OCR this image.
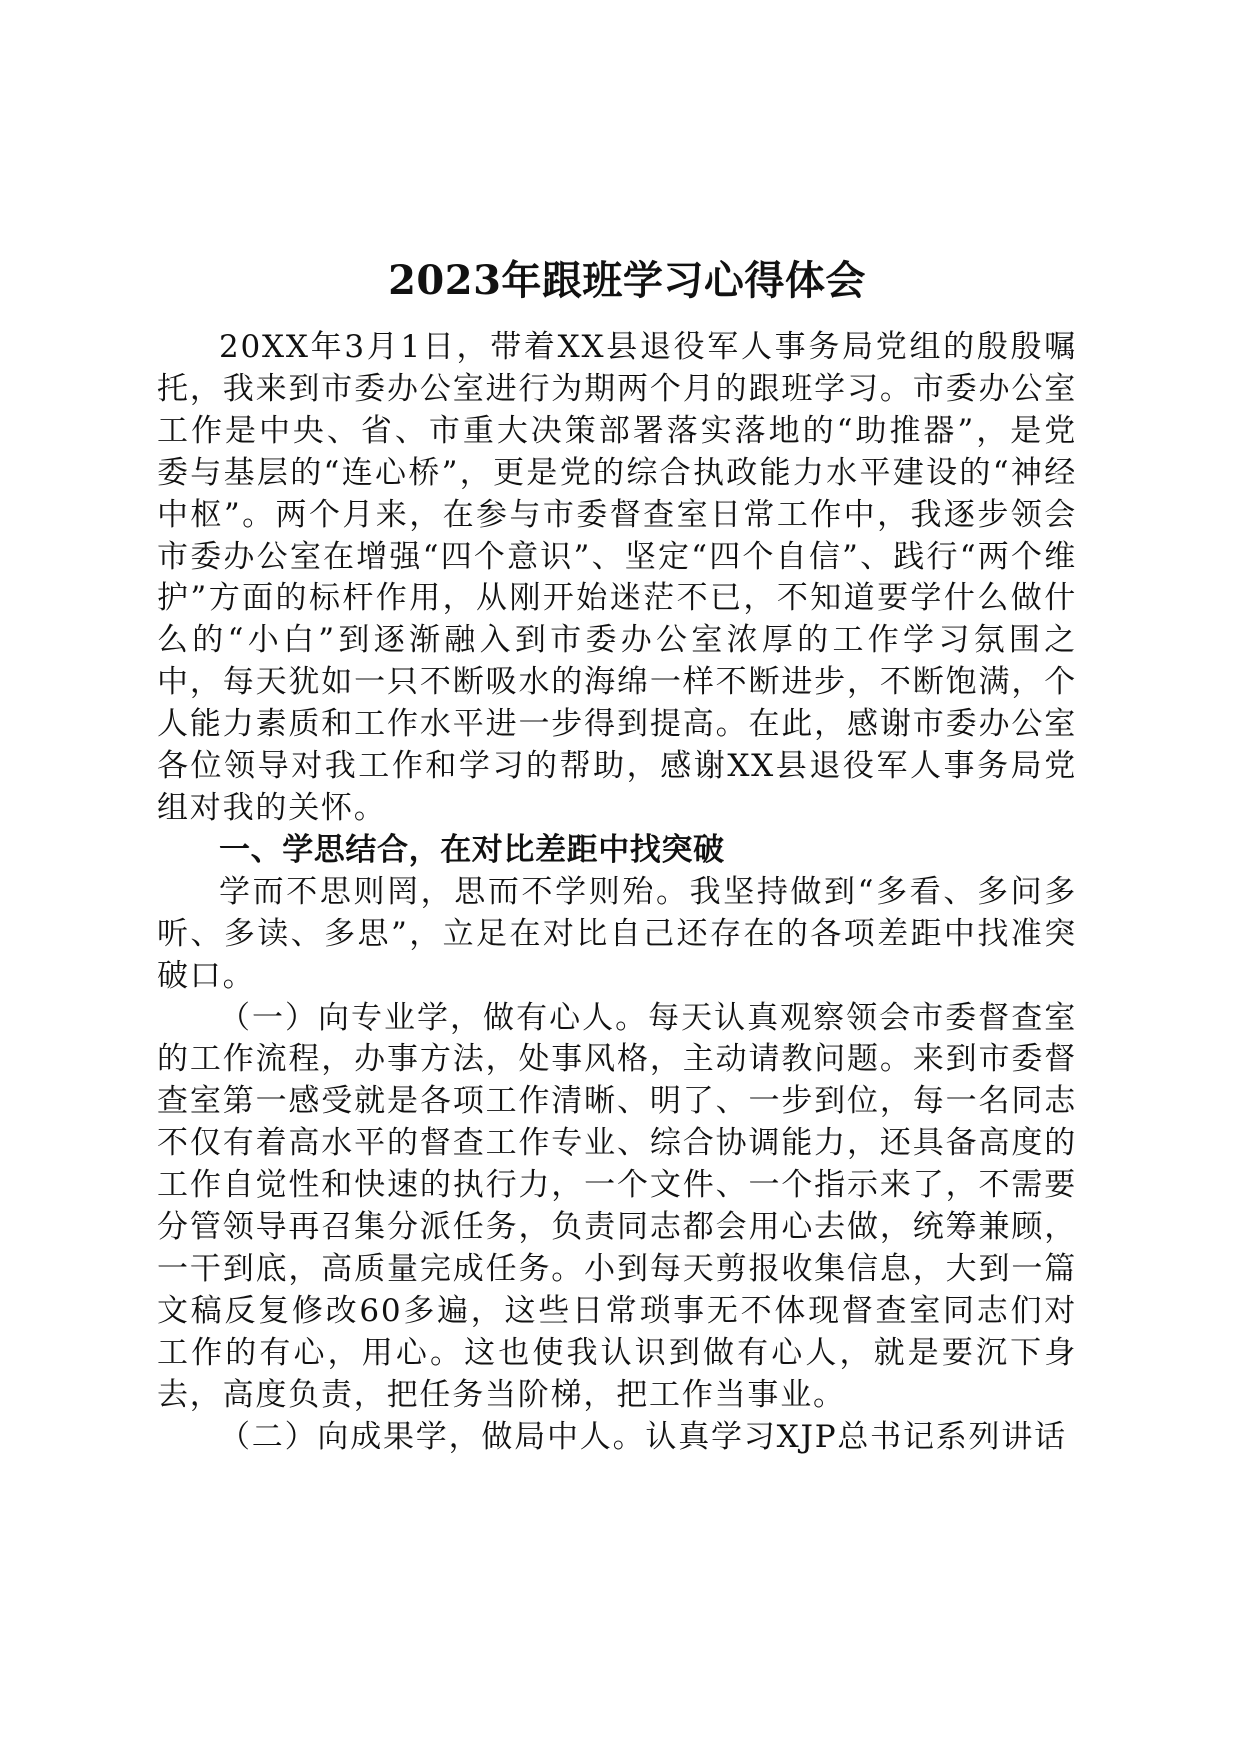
2023年跟班学习心得体会

20XX年3月1日，带着XX县退役军人事务局党组的殷殷嘱托，我来到市委办公室进行为期两个月的跟班学习。市委办公室工作是中央、省、市重大决策部署落实落地的“助推器”，是党委与基层的“连心桥”，更是党的综合执政能力水平建设的“神经中枢”。两个月来，在参与市委督查室日常工作中，我逐步领会市委办公室在增强“四个意识”、坚定“四个自信”、践行“两个维护”方面的标杆作用，从刚开始迷茫不已，不知道要学什么做什么的“小白”到逐渐融入到市委办公室浓厚的工作学习氛围之中，每天犹如一只不断吸水的海绵一样不断进步，不断饱满，个人能力素质和工作水平进一步得到提高。在此，感谢市委办公室各位领导对我工作和学习的帮助，感谢XX县退役军人事务局党组对我的关怀。

一、学思结合，在对比差距中找突破

学而不思则罔，思而不学则殆。我坚持做到“多看、多问多听、多读、多思”，立足在对比自己还存在的各项差距中找准突破口。

（一）向专业学，做有心人。每天认真观察领会市委督查室的工作流程，办事方法，处事风格，主动请教问题。来到市委督查室第一感受就是各项工作清晰、明了、一步到位，每一名同志不仅有着高水平的督查工作专业、综合协调能力，还具备高度的工作自觉性和快速的执行力，一个文件、一个指示来了，不需要分管领导再召集分派任务，负责同志都会用心去做，统筹兼顾，一干到底，高质量完成任务。小到每天剪报收集信息，大到一篇文稿反复修改60多遍，这些日常琐事无不体现督查室同志们对工作的有心，用心。这也使我认识到做有心人，就是要沉下身去，高度负责，把任务当阶梯，把工作当事业。

（二）向成果学，做局中人。认真学习XJP总书记系列讲话
